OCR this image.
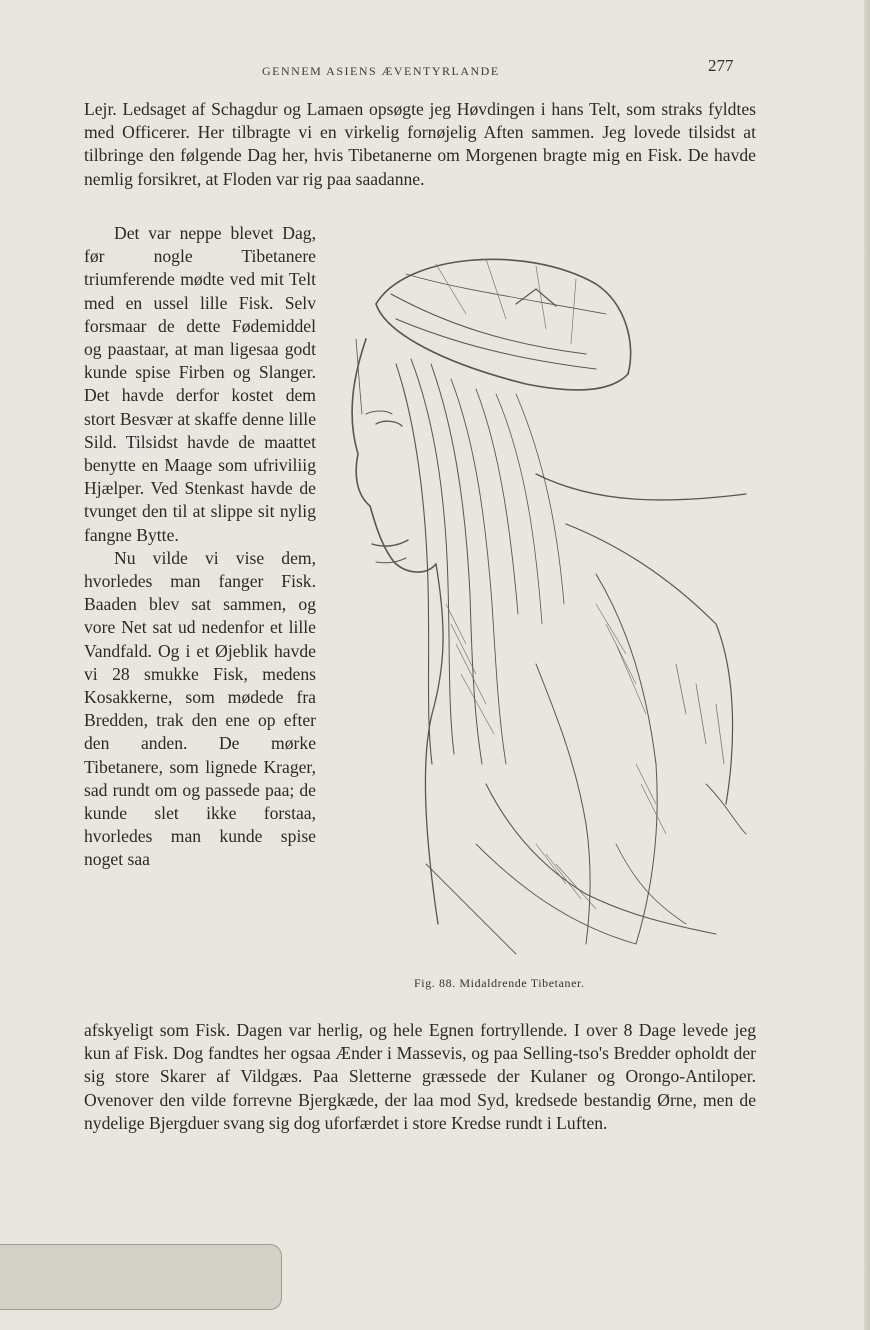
GENNEM ASIENS ÆVENTYRLANDE	277

Lejr. Ledsaget af Schagdur og Lamaen opsøgte jeg Høvdingen i hans Telt, som straks fyldtes med Officerer. Her tilbragte vi en virkelig fornøjelig Aften sammen. Jeg lovede tilsidst at tilbringe den følgende Dag her, hvis Tibetanerne om Morgenen bragte mig en Fisk. De havde nemlig forsikret, at Floden var rig paa saadanne.

Det var neppe blevet Dag, før nogle Tibetanere triumferende mødte ved mit Telt med en ussel lille Fisk. Selv forsmaar de dette Fødemiddel og paastaar, at man ligesaa godt kunde spise Firben og Slanger. Det havde derfor kostet dem stort Besvær at skaffe denne lille Sild. Tilsidst havde de maattet benytte en Maage som ufriviliig Hjælper. Ved Stenkast havde de tvunget den til at slippe sit nylig fangne Bytte.

Nu vilde vi vise dem, hvorledes man fanger Fisk. Baaden blev sat sammen, og vore Net sat ud nedenfor et lille Vandfald. Og i et Øjeblik havde vi 28 smukke Fisk, medens Kosakkerne, som mødede fra Bredden, trak den ene op efter den anden. De mørke Tibetanere, som lignede Krager, sad rundt om og passede paa; de kunde slet ikke forstaa, hvorledes man kunde spise noget saa

Fig. 88. Midaldrende Tibetaner.

afskyeligt som Fisk. Dagen var herlig, og hele Egnen fortryllende. I over 8 Dage levede jeg kun af Fisk. Dog fandtes her ogsaa Ænder i Massevis, og paa Selling-tso's Bredder opholdt der sig store Skarer af Vildgæs. Paa Sletterne græssede der Kulaner og Orongo-Antiloper. Ovenover den vilde forrevne Bjergkæde, der laa mod Syd, kredsede bestandig Ørne, men de nydelige Bjergduer svang sig dog uforfærdet i store Kredse rundt i Luften.
